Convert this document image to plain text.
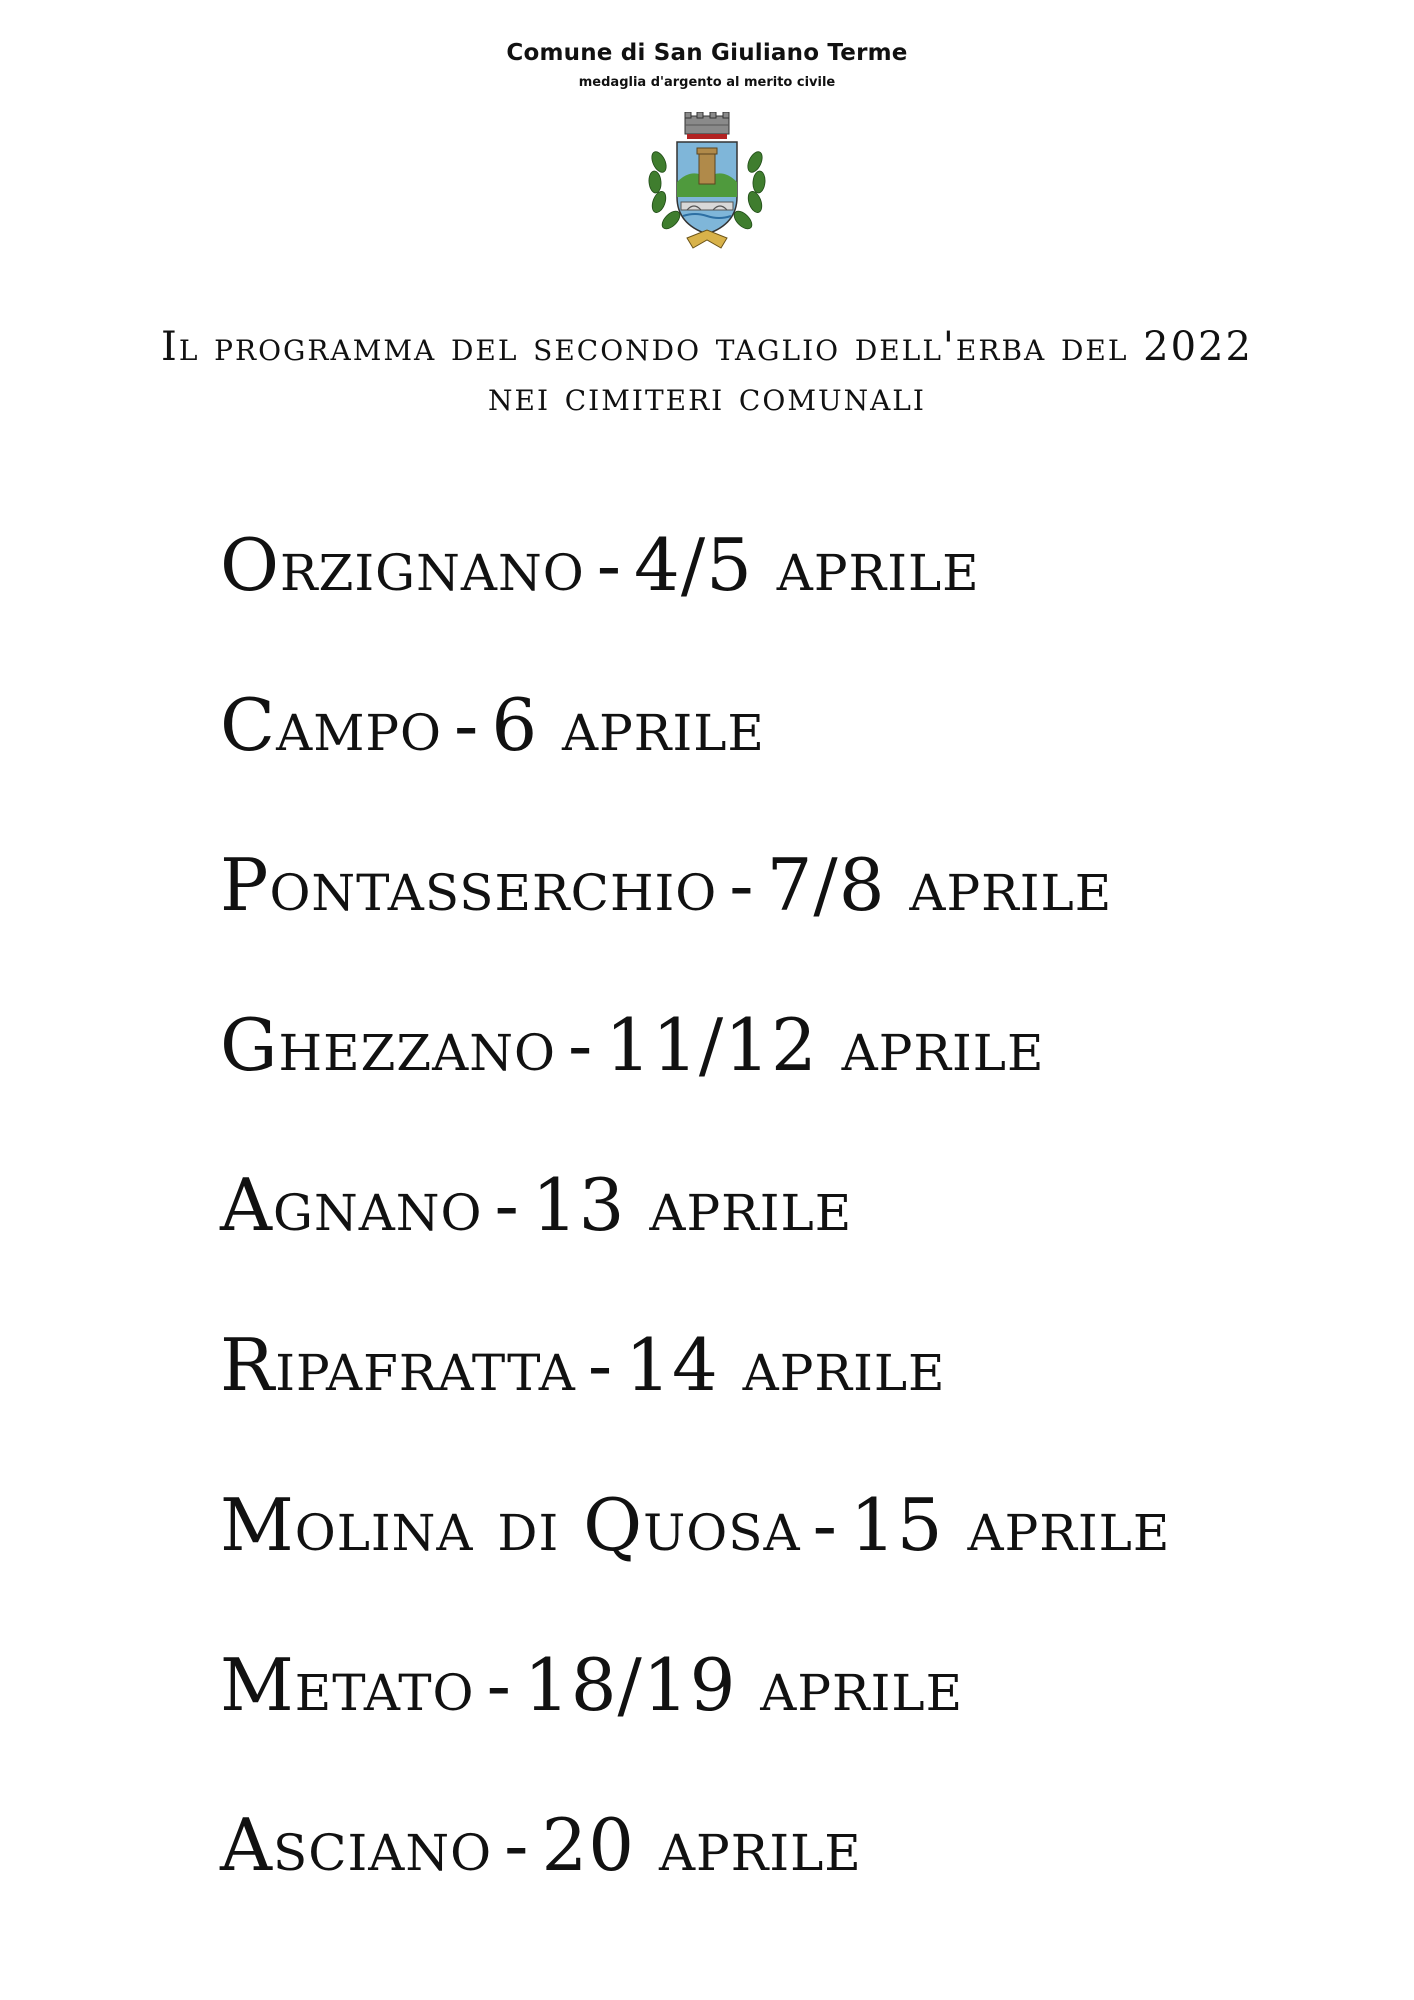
Comune di San Giuliano Terme
medaglia d'argento al merito civile
Il programma del secondo taglio dell'erba del 2022
nei cimiteri comunali
Orzignano - 4/5 aprile
Campo - 6 aprile
Pontasserchio - 7/8 aprile
Ghezzano - 11/12 aprile
Agnano - 13 aprile
Ripafratta - 14 aprile
Molina di Quosa - 15 aprile
Metato - 18/19 aprile
Asciano - 20 aprile
